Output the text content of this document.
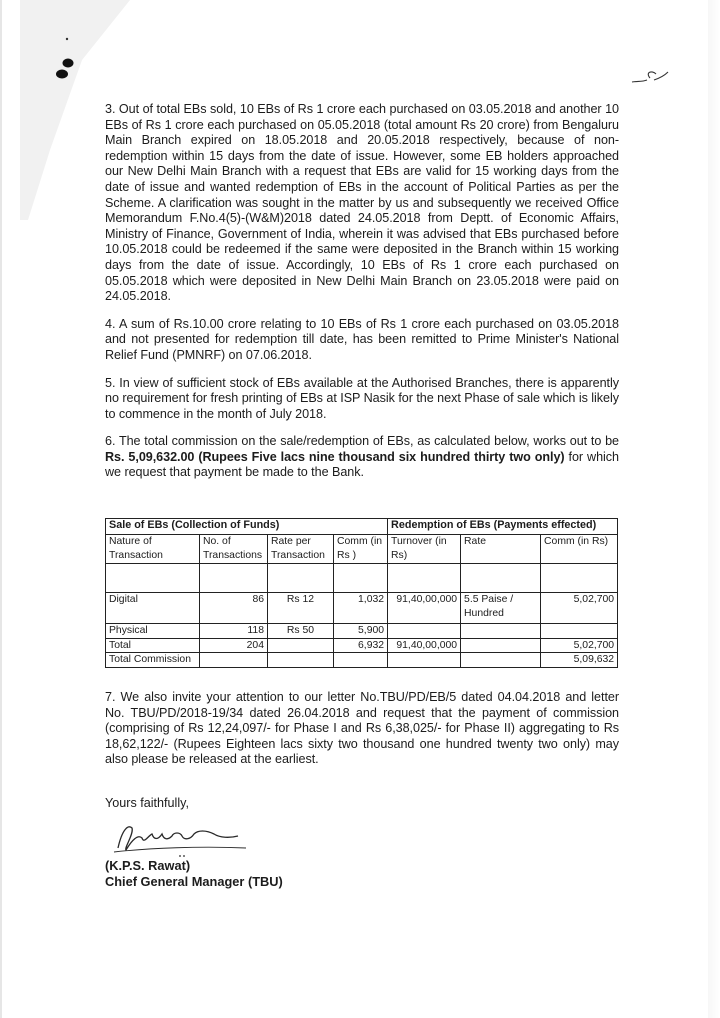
3. Out of total EBs sold, 10 EBs of Rs 1 crore each purchased on 03.05.2018 and another 10 EBs of Rs 1 crore each purchased on 05.05.2018 (total amount Rs 20 crore) from Bengaluru Main Branch expired on 18.05.2018 and 20.05.2018 respectively, because of non-redemption within 15 days from the date of issue. However, some EB holders approached our New Delhi Main Branch with a request that EBs are valid for 15 working days from the date of issue and wanted redemption of EBs in the account of Political Parties as per the Scheme. A clarification was sought in the matter by us and subsequently we received Office Memorandum F.No.4(5)-(W&M)2018 dated 24.05.2018 from Deptt. of Economic Affairs, Ministry of Finance, Government of India, wherein it was advised that EBs purchased before 10.05.2018 could be redeemed if the same were deposited in the Branch within 15 working days from the date of issue. Accordingly, 10 EBs of Rs 1 crore each purchased on 05.05.2018 which were deposited in New Delhi Main Branch on 23.05.2018 were paid on 24.05.2018.

4. A sum of Rs.10.00 crore relating to 10 EBs of Rs 1 crore each purchased on 03.05.2018 and not presented for redemption till date, has been remitted to Prime Minister's National Relief Fund (PMNRF) on 07.06.2018.

5. In view of sufficient stock of EBs available at the Authorised Branches, there is apparently no requirement for fresh printing of EBs at ISP Nasik for the next Phase of sale which is likely to commence in the month of July 2018.

6. The total commission on the sale/redemption of EBs, as calculated below, works out to be Rs. 5,09,632.00 (Rupees Five lacs nine thousand six hundred thirty two only) for which we request that payment be made to the Bank.

Sale of EBs (Collection of Funds)				Redemption of EBs (Payments effected)		
Nature of Transaction	No. of Transactions	Rate per Transaction	Comm (in Rs )	Turnover (in Rs)	Rate	Comm (in Rs)

Digital	86	Rs 12	1,032	91,40,00,000	5.5 Paise / Hundred	5,02,700
Physical	118	Rs 50	5,900			
Total	204		6,932	91,40,00,000		5,02,700
Total Commission						5,09,632

7. We also invite your attention to our letter No.TBU/PD/EB/5 dated 04.04.2018 and letter No. TBU/PD/2018-19/34 dated 26.04.2018 and request that the payment of commission (comprising of Rs 12,24,097/- for Phase I and Rs 6,38,025/- for Phase II) aggregating to Rs 18,62,122/- (Rupees Eighteen lacs sixty two thousand one hundred twenty two only) may also please be released at the earliest.

Yours faithfully,
(K.P.S. Rawat)
Chief General Manager (TBU)
